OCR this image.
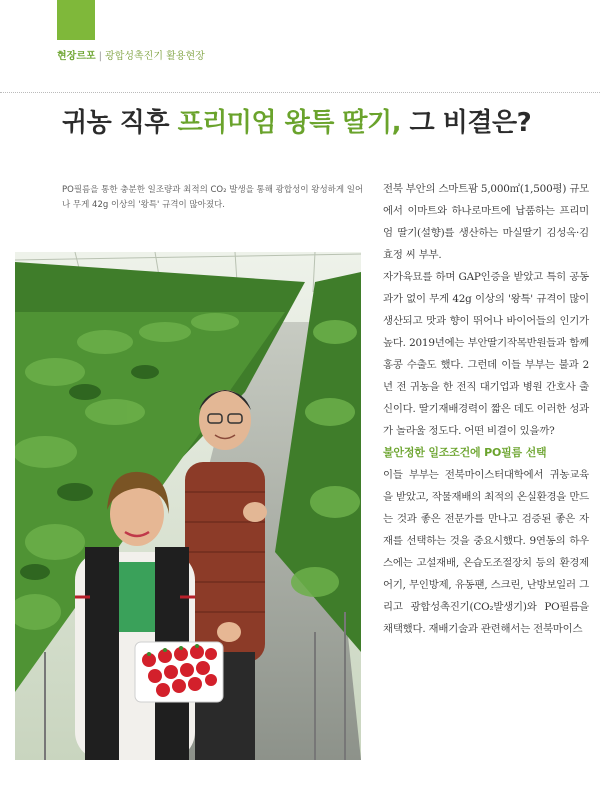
현장르포 | 광합성촉진기 활용현장
귀농 직후 프리미엄 왕특 딸기, 그 비결은?
PO필름을 통한 충분한 일조량과 최적의 CO₂ 발생을 통해 광합성이 왕성하게 일어나 무게 42g 이상의 '왕특' 규격이 많아졌다.

전북 부안의 스마트팜 5,000㎡(1,500평) 규모에서 이마트와 하나로마트에 납품하는 프리미엄 딸기(설향)를 생산하는 마실딸기 김성옥·김효정 씨 부부.

자가육묘를 하며 GAP인증을 받았고 특히 공동과가 없이 무게 42g 이상의 '왕특' 규격이 많이 생산되고 맛과 향이 뛰어나 바이어들의 인기가 높다. 2019년에는 부안딸기작목반원들과 함께 홍콩 수출도 했다. 그런데 이들 부부는 불과 2년 전 귀농을 한 전직 대기업과 병원 간호사 출신이다. 딸기재배경력이 짧은 데도 이러한 성과가 놀라울 정도다. 어떤 비결이 있을까?

불안정한 일조조건에 PO필름 선택

이들 부부는 전북마이스터대학에서 귀농교육을 받았고, 작물재배의 최적의 온실환경을 만드는 것과 좋은 전문가를 만나고 검증된 좋은 자재를 선택하는 것을 중요시했다. 9연동의 하우스에는 고설재배, 온습도조절장치 등의 환경제어기, 무인방제, 유동팬, 스크린, 난방보일러 그리고 광합성촉진기(CO₂발생기)와 PO필름을 채택했다. 재배기술과 관련해서는 전북마이스
